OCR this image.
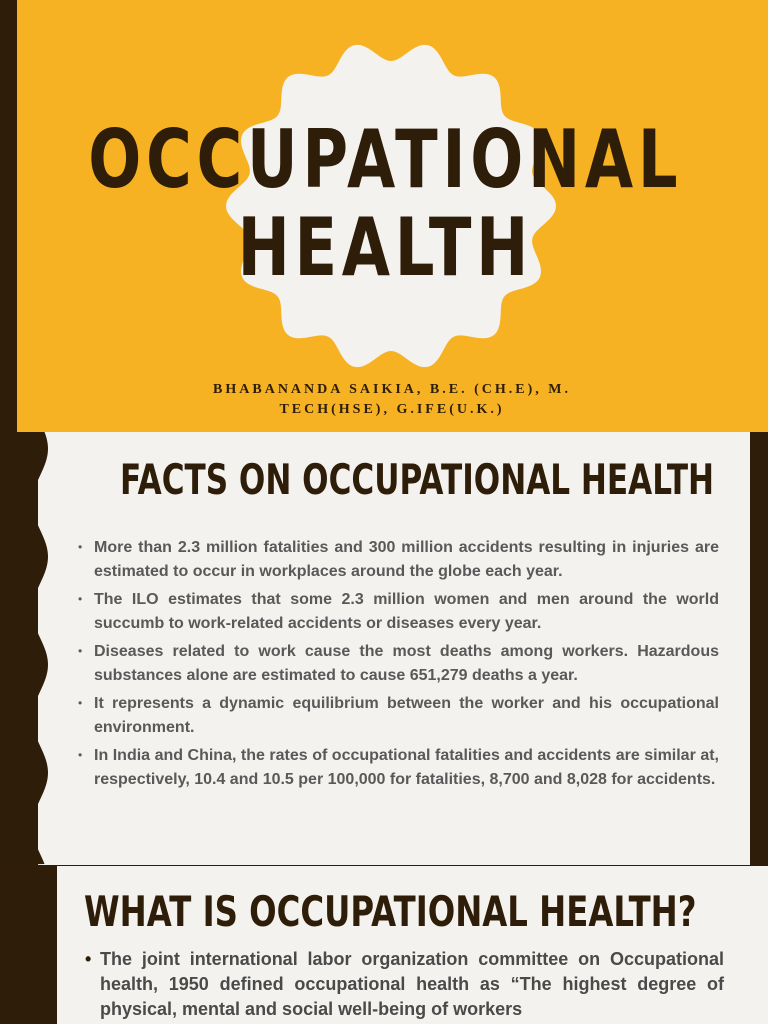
OCCUPATIONAL
HEALTH
BHABANANDA SAIKIA, B.E. (CH.E), M.
TECH(HSE), G.IFE(U.K.)
FACTS ON OCCUPATIONAL HEALTH
• More than 2.3 million fatalities and 300 million accidents resulting in injuries are estimated to occur in workplaces around the globe each year.
• The ILO estimates that some 2.3 million women and men around the world succumb to work-related accidents or diseases every year.
• Diseases related to work cause the most deaths among workers. Hazardous substances alone are estimated to cause 651,279 deaths a year.
• It represents a dynamic equilibrium between the worker and his occupational environment.
• In India and China, the rates of occupational fatalities and accidents are similar at, respectively, 10.4 and 10.5 per 100,000 for fatalities, 8,700 and 8,028 for accidents.
WHAT IS OCCUPATIONAL HEALTH?
• The joint international labor organization committee on Occupational health, 1950 defined occupational health as “The highest degree of physical, mental and social well-being of workers
